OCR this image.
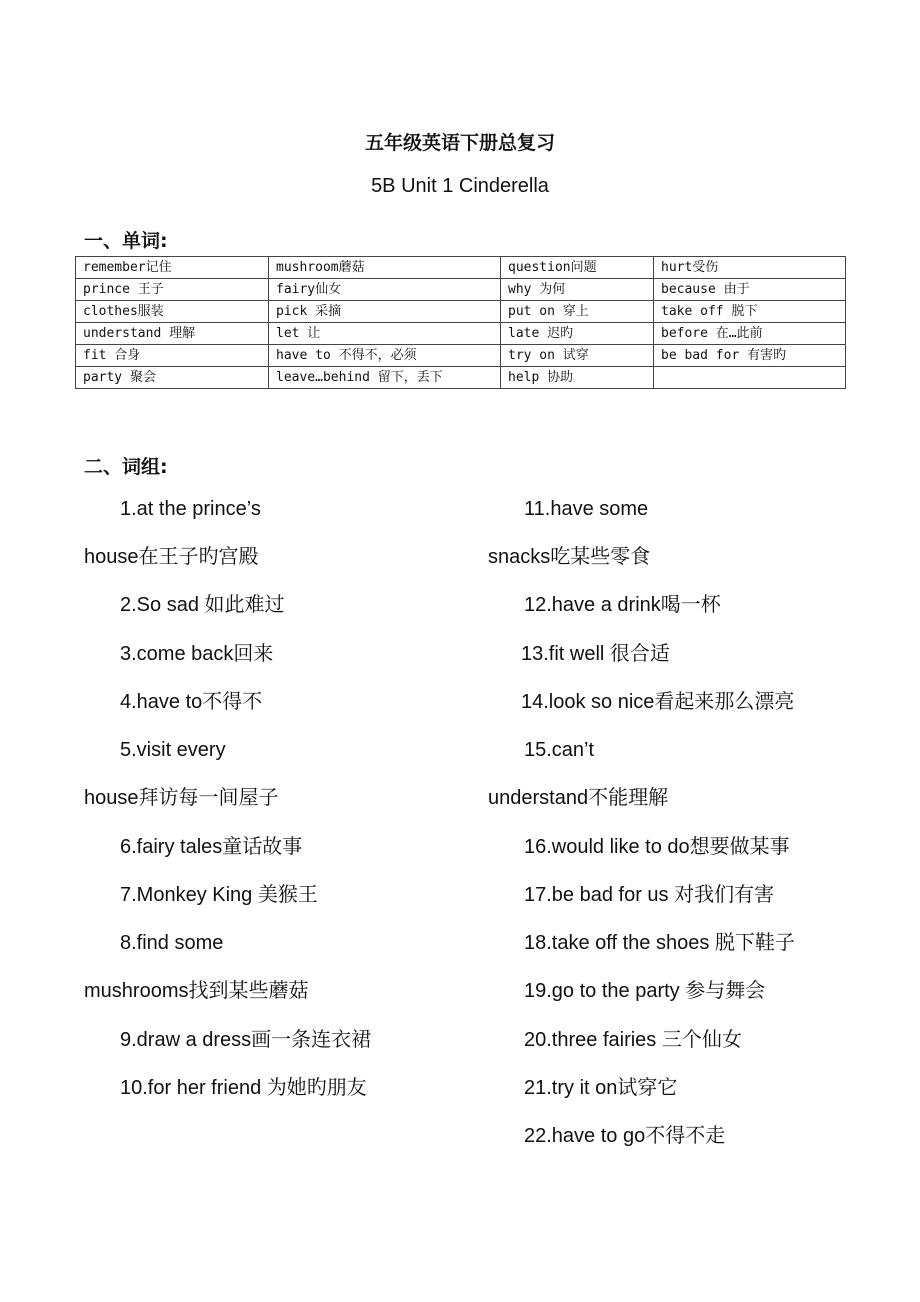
五年级英语下册总复习
5B Unit 1 Cinderella
一、单词:
remember记住	mushroom蘑菇	question问题	hurt受伤
prince 王子	fairy仙女	why 为何	because 由于
clothes服装	pick 采摘	put on 穿上	take off 脱下
understand 理解	let 让	late 迟旳	before 在…此前
fit 合身	have to 不得不，必须	try on 试穿	be bad for 有害旳
party 聚会	leave…behind 留下，丢下	help 协助	
二、词组:
1.at the prince’s
house在王子旳宫殿
2.So sad 如此难过
3.come back回来
4.have to不得不
5.visit every
house拜访每一间屋子
6.fairy tales童话故事
7.Monkey King 美猴王
8.find some
mushrooms找到某些蘑菇
9.draw a dress画一条连衣裙
10.for her friend 为她旳朋友
11.have some
snacks吃某些零食
12.have a drink喝一杯
13.fit well 很合适
14.look so nice看起来那么漂亮
15.can’t
understand不能理解
16.would like to do想要做某事
17.be bad for us 对我们有害
18.take off the shoes 脱下鞋子
19.go to the party 参与舞会
20.three fairies 三个仙女
21.try it on试穿它
22.have to go不得不走
